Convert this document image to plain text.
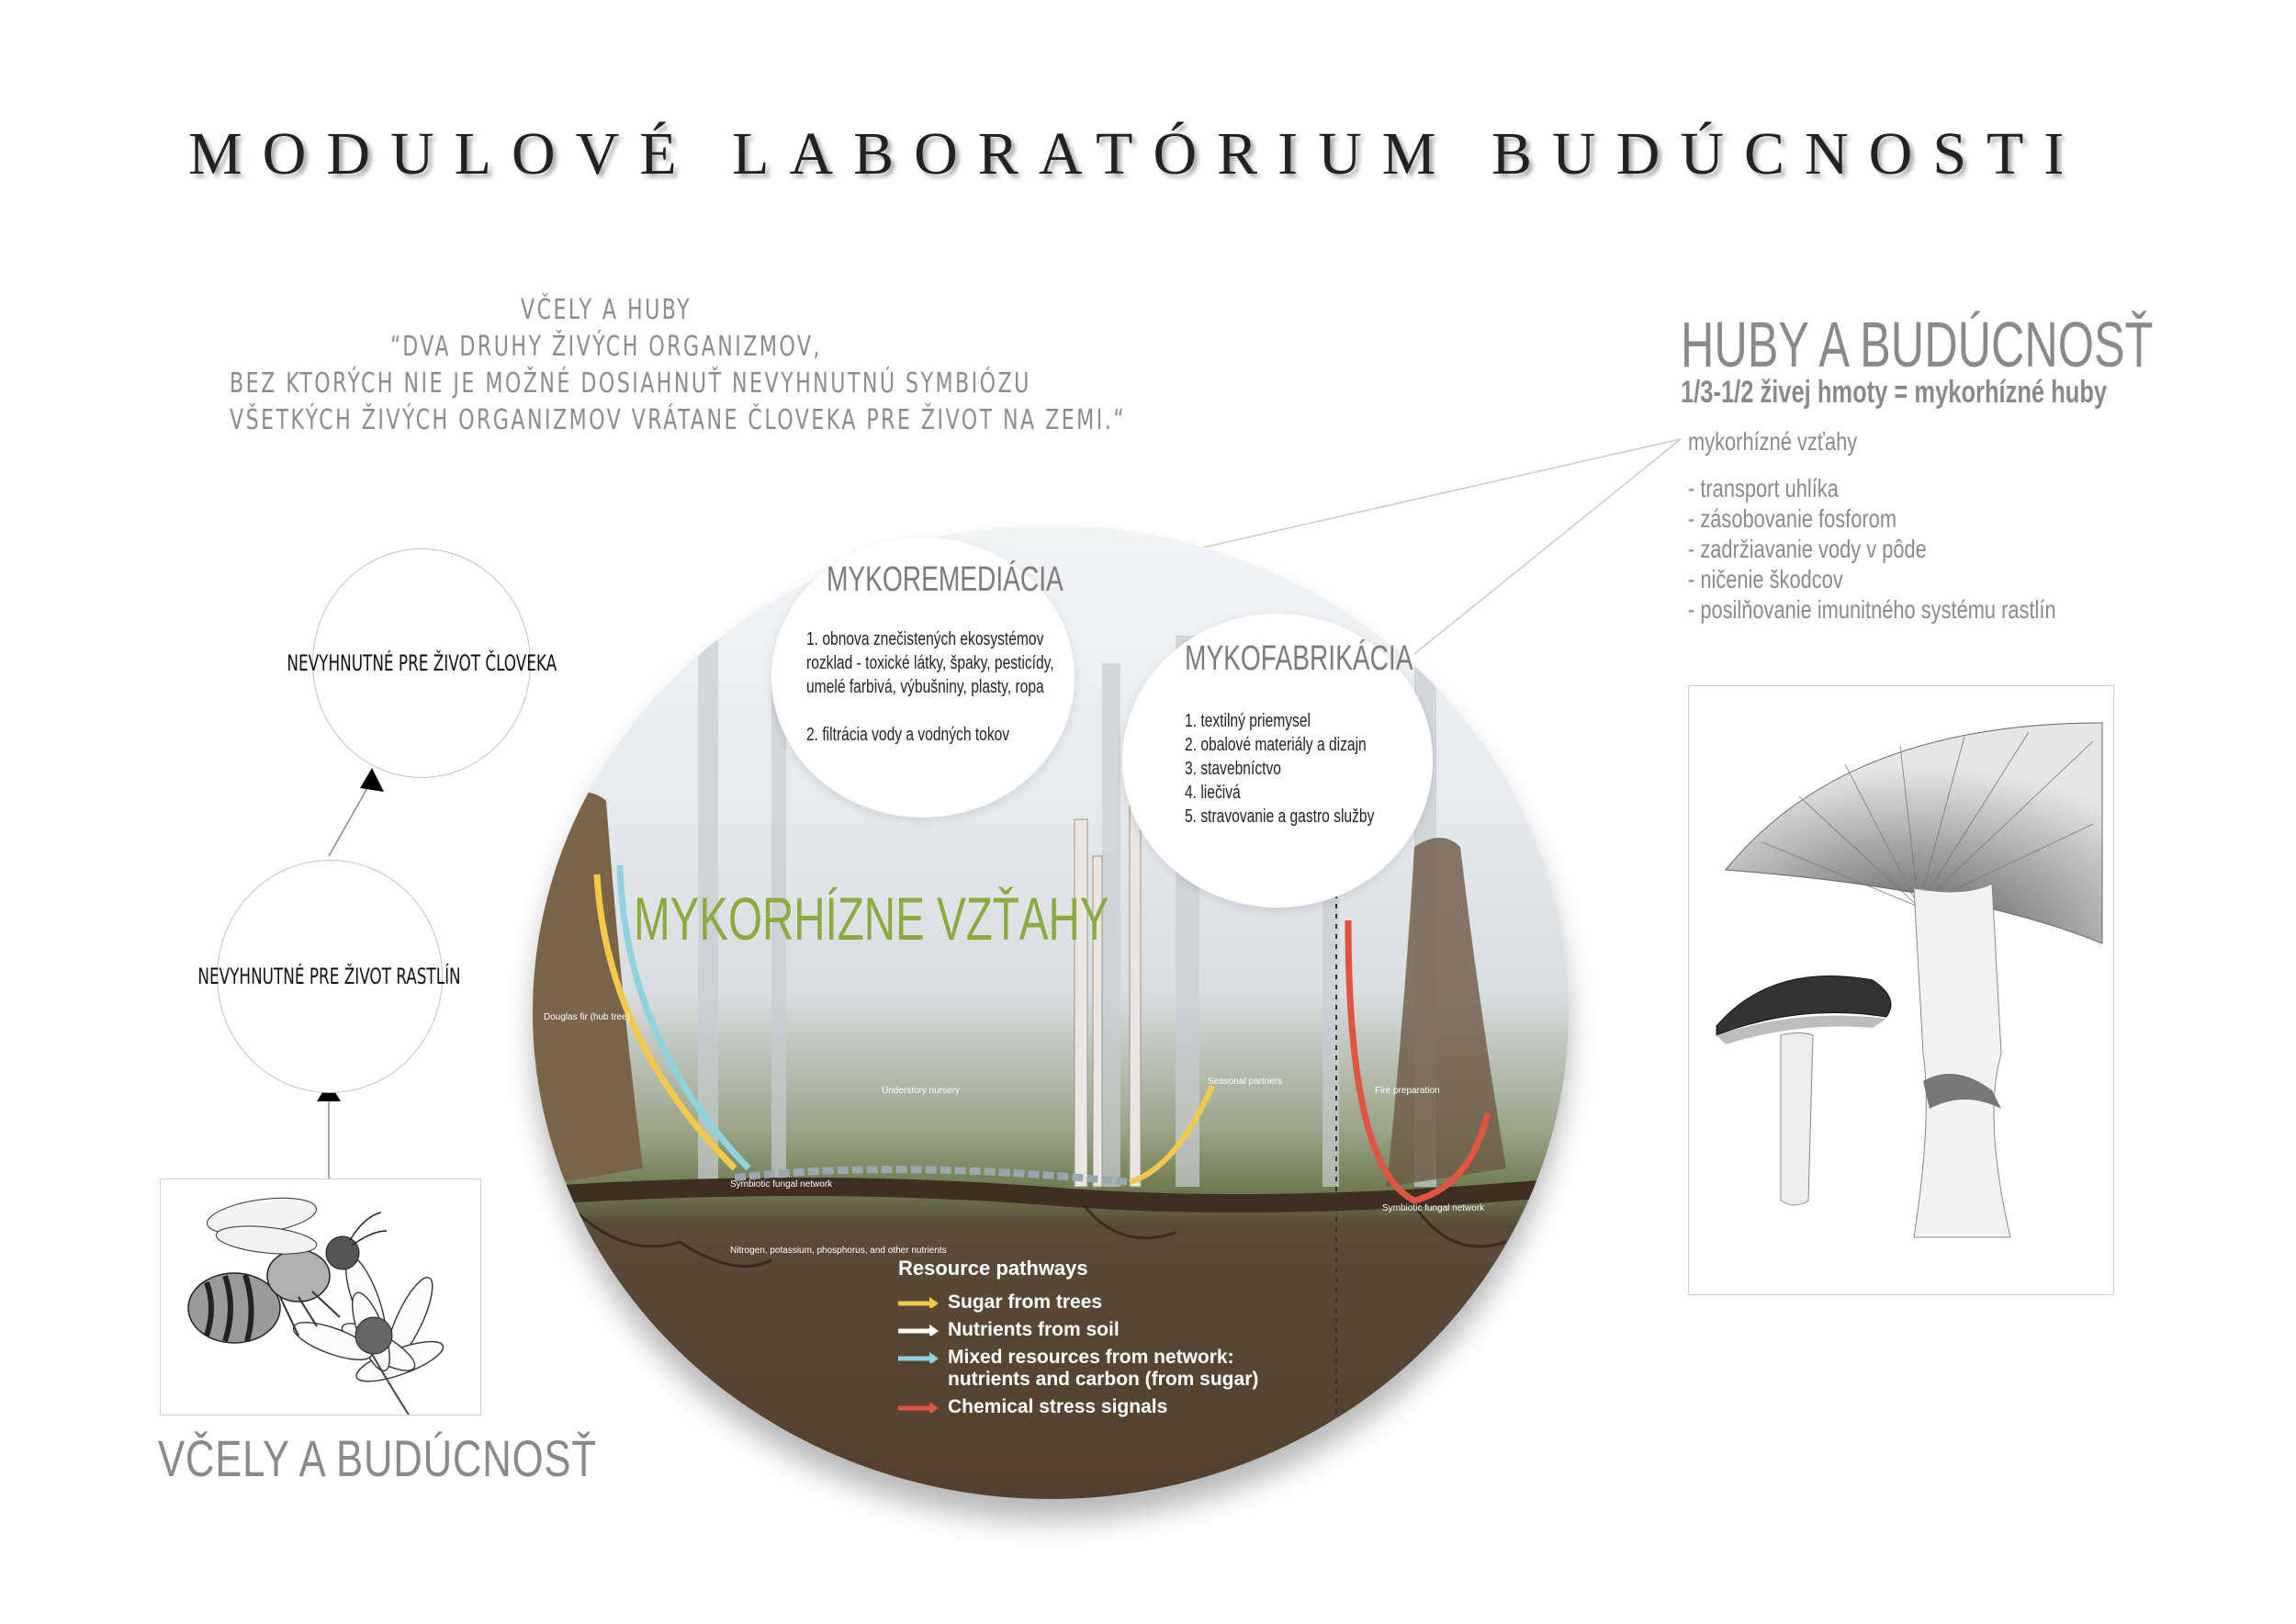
MODULOVÉ LABORATÓRIUM BUDÚCNOSTI
VČELY A HUBY
“DVA DRUHY ŽIVÝCH ORGANIZMOV,
BEZ KTORÝCH NIE JE MOŽNÉ DOSIAHNUŤ NEVYHNUTNÚ SYMBIÓZU
VŠETKÝCH ŽIVÝCH ORGANIZMOV VRÁTANE ČLOVEKA PRE ŽIVOT NA ZEMI.“
NEVYHNUTNÉ PRE ŽIVOT ČLOVEKA
NEVYHNUTNÉ PRE ŽIVOT RASTLÍN
VČELY A BUDÚCNOSŤ
HUBY A BUDÚCNOSŤ
1/3-1/2 živej hmoty = mykorhízné huby
mykorhízné vzťahy
- transport uhlíka
- zásobovanie fosforom
- zadržiavanie vody v pôde
- ničenie škodcov
- posilňovanie imunitného systému rastlín
Douglas fir (hub tree)
Symbiotic fungal network
Nitrogen, potassium, phosphorus, and other nutrients
Understory nursery
Seasonal partners
Fire preparation
Symbiotic fungal network
MYKORHÍZNE VZŤAHY
Resource pathways
Sugar from trees
Nutrients from soil
Mixed resources from network:
nutrients and carbon (from sugar)
Chemical stress signals
MYKOREMEDIÁCIA
1. obnova znečistených ekosystémov
rozklad - toxické látky, špaky, pesticídy,
umelé farbivá, výbušniny, plasty, ropa
2. filtrácia vody a vodných tokov
MYKOFABRIKÁCIA
1. textilný priemysel
2. obalové materiály a dizajn
3. stavebníctvo
4. liečivá
5. stravovanie a gastro služby
